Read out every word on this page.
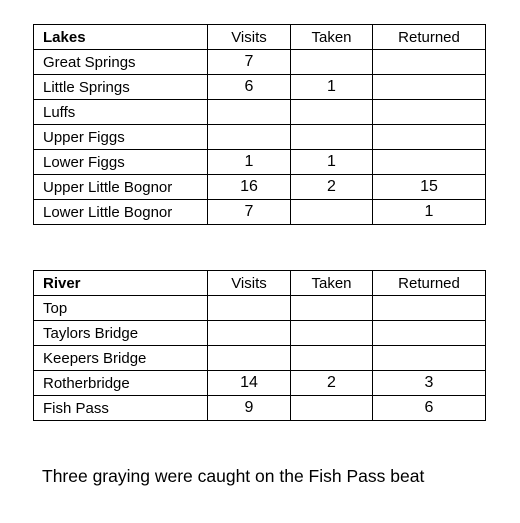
Lakes	Visits	Taken	Returned
Great Springs	7		
Little Springs	6	1	
Luffs			
Upper Figgs			
Lower Figgs	1	1	
Upper Little Bognor	16	2	15
Lower Little Bognor	7		1
River	Visits	Taken	Returned
Top			
Taylors Bridge			
Keepers Bridge			
Rotherbridge	14	2	3
Fish Pass	9		6
Three graying were caught on the Fish Pass beat
